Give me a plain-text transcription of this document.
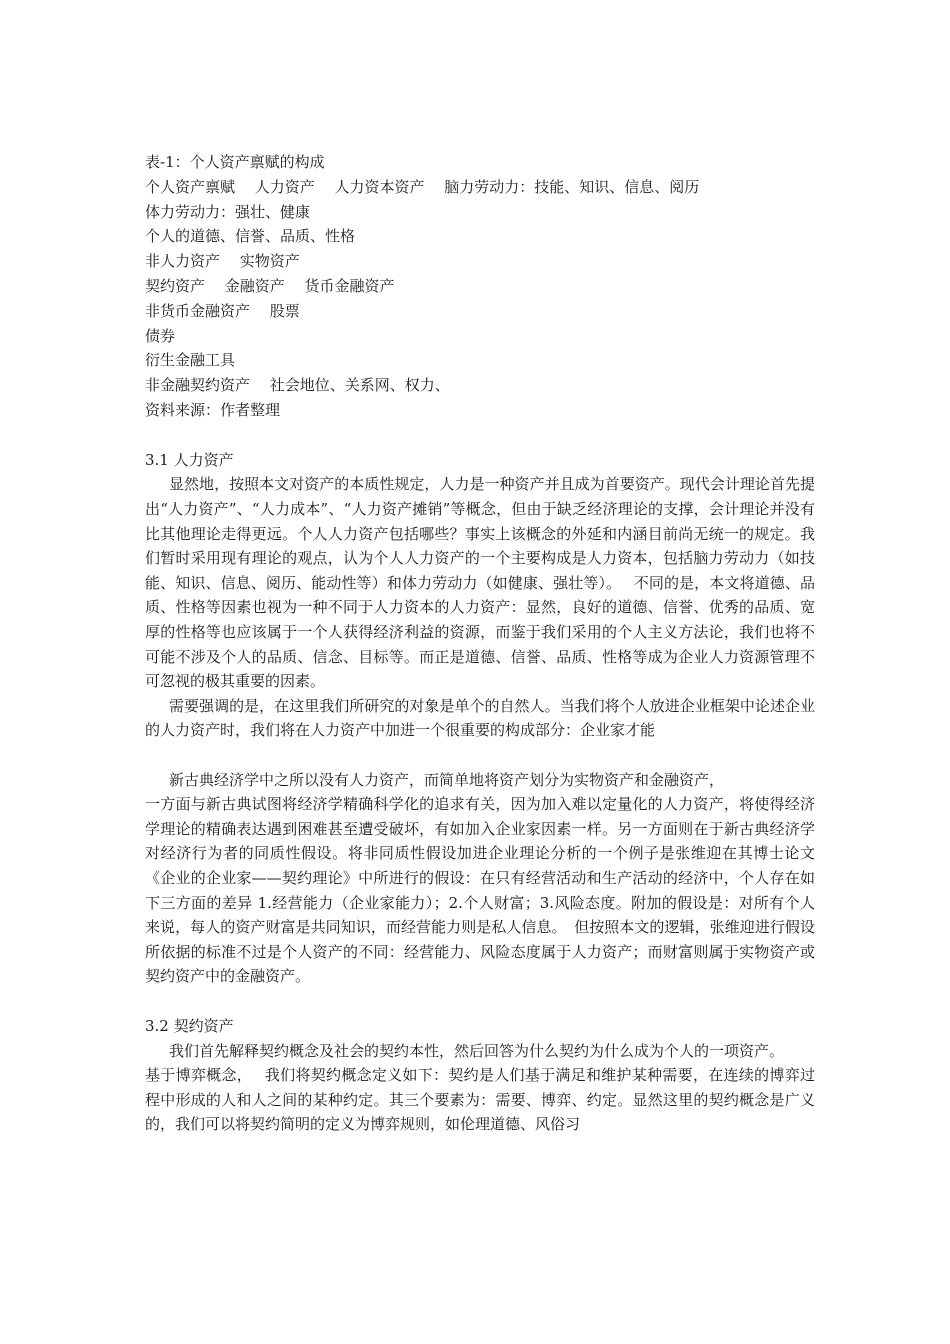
表-1：个人资产禀赋的构成
个人资产禀赋　 人力资产　 人力资本资产　 脑力劳动力：技能、知识、信息、阅历
体力劳动力：强壮、健康
个人的道德、信誉、品质、性格
非人力资产　 实物资产
契约资产　 金融资产　 货币金融资产
非货币金融资产　 股票
债券
衍生金融工具
非金融契约资产　 社会地位、关系网、权力、
资料来源：作者整理
3.1 人力资产

显然地，按照本文对资产的本质性规定，人力是一种资产并且成为首要资产。现代会计理论首先提出“人力资产”、“人力成本”、“人力资产摊销”等概念，但由于缺乏经济理论的支撑，会计理论并没有比其他理论走得更远。个人人力资产包括哪些？事实上该概念的外延和内涵目前尚无统一的规定。我们暂时采用现有理论的观点，认为个人人力资产的一个主要构成是人力资本，包括脑力劳动力（如技能、知识、信息、阅历、能动性等）和体力劳动力（如健康、强壮等）。　 不同的是，本文将道德、品质、性格等因素也视为一种不同于人力资本的人力资产：显然，良好的道德、信誉、优秀的品质、宽厚的性格等也应该属于一个人获得经济利益的资源，而鉴于我们采用的个人主义方法论，我们也将不可能不涉及个人的品质、信念、目标等。而正是道德、信誉、品质、性格等成为企业人力资源管理不可忽视的极其重要的因素。

需要强调的是，在这里我们所研究的对象是单个的自然人。当我们将个人放进企业框架中论述企业的人力资产时，我们将在人力资产中加进一个很重要的构成部分：企业家才能

新古典经济学中之所以没有人力资产，而简单地将资产划分为实物资产和金融资产，

一方面与新古典试图将经济学精确科学化的追求有关，因为加入难以定量化的人力资产，将使得经济学理论的精确表达遇到困难甚至遭受破坏，有如加入企业家因素一样。另一方面则在于新古典经济学对经济行为者的同质性假设。将非同质性假设加进企业理论分析的一个例子是张维迎在其博士论文《企业的企业家——契约理论》中所进行的假设：在只有经营活动和生产活动的经济中，个人存在如下三方面的差异 1.经营能力（企业家能力）；2.个人财富；3.风险态度。附加的假设是：对所有个人来说，每人的资产财富是共同知识，而经营能力则是私人信息。　但按照本文的逻辑，张维迎进行假设所依据的标准不过是个人资产的不同：经营能力、风险态度属于人力资产；而财富则属于实物资产或契约资产中的金融资产。

3.2 契约资产

我们首先解释契约概念及社会的契约本性，然后回答为什么契约为什么成为个人的一项资产。

基于博弈概念，　 我们将契约概念定义如下：契约是人们基于满足和维护某种需要，在连续的博弈过程中形成的人和人之间的某种约定。其三个要素为：需要、博弈、约定。显然这里的契约概念是广义的，我们可以将契约简明的定义为博弈规则，如伦理道德、风俗习
